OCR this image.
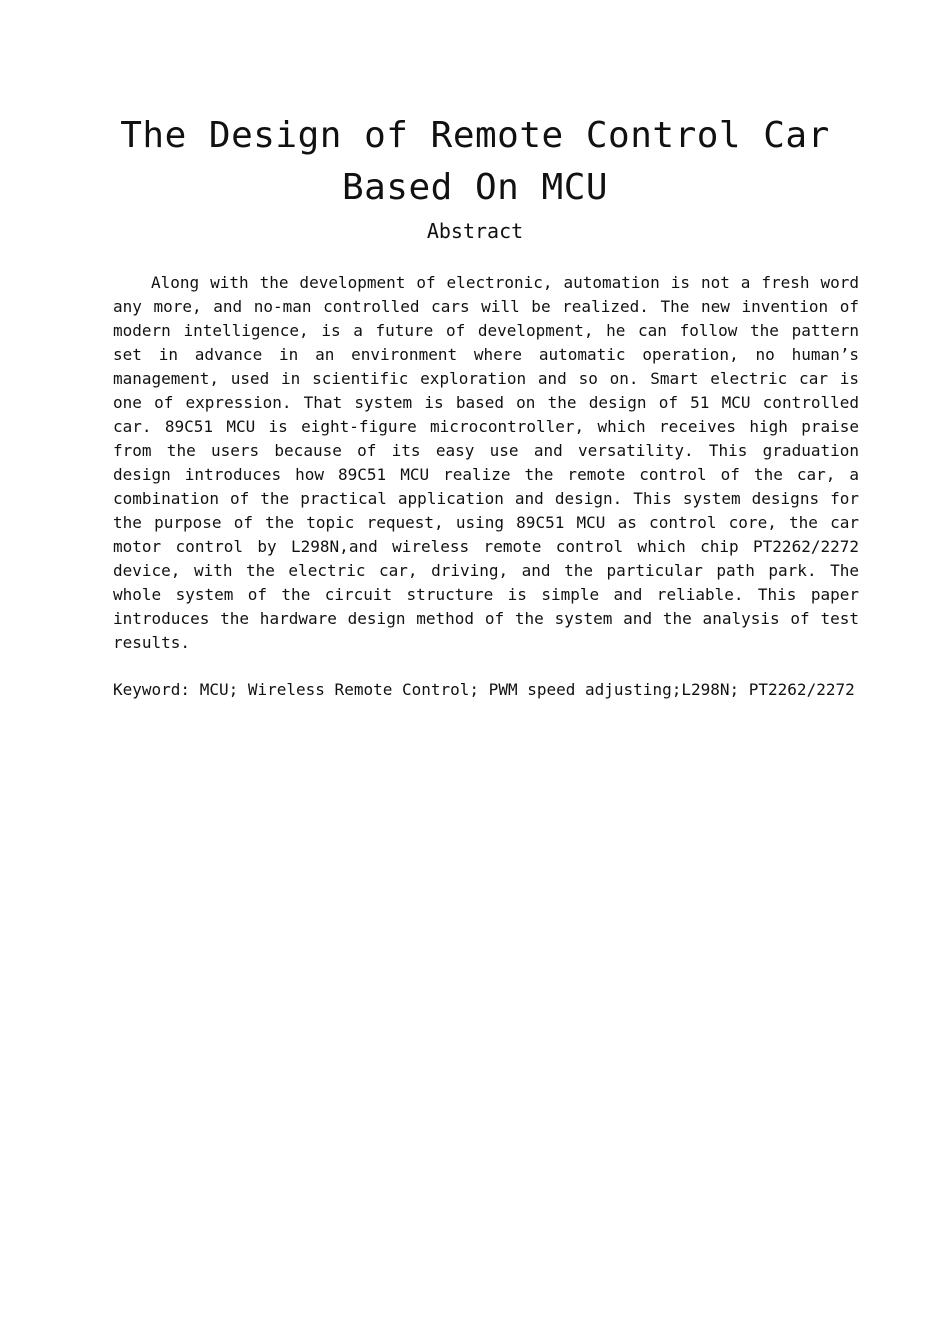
The Design of Remote Control Car
Based On MCU
Abstract

Along with the development of electronic, automation is not a fresh word any more, and no-man controlled cars will be realized. The new invention of modern intelligence, is a future of development, he can follow the pattern set in advance in an environment where automatic operation, no human’s management, used in scientific exploration and so on. Smart electric car is one of expression. That system is based on the design of 51 MCU controlled car. 89C51 MCU is eight-figure microcontroller, which receives high praise from the users because of its easy use and versatility. This graduation design introduces how 89C51 MCU realize the remote control of the car, a combination of the practical application and design. This system designs for the purpose of the topic request, using 89C51 MCU as control core, the car motor control by L298N,and wireless remote control which chip PT2262/2272 device, with the electric car, driving, and the particular path park. The whole system of the circuit structure is simple and reliable. This paper introduces the hardware design method of the system and the analysis of test results.

Keyword: MCU; Wireless Remote Control; PWM speed adjusting;L298N; PT2262/2272
